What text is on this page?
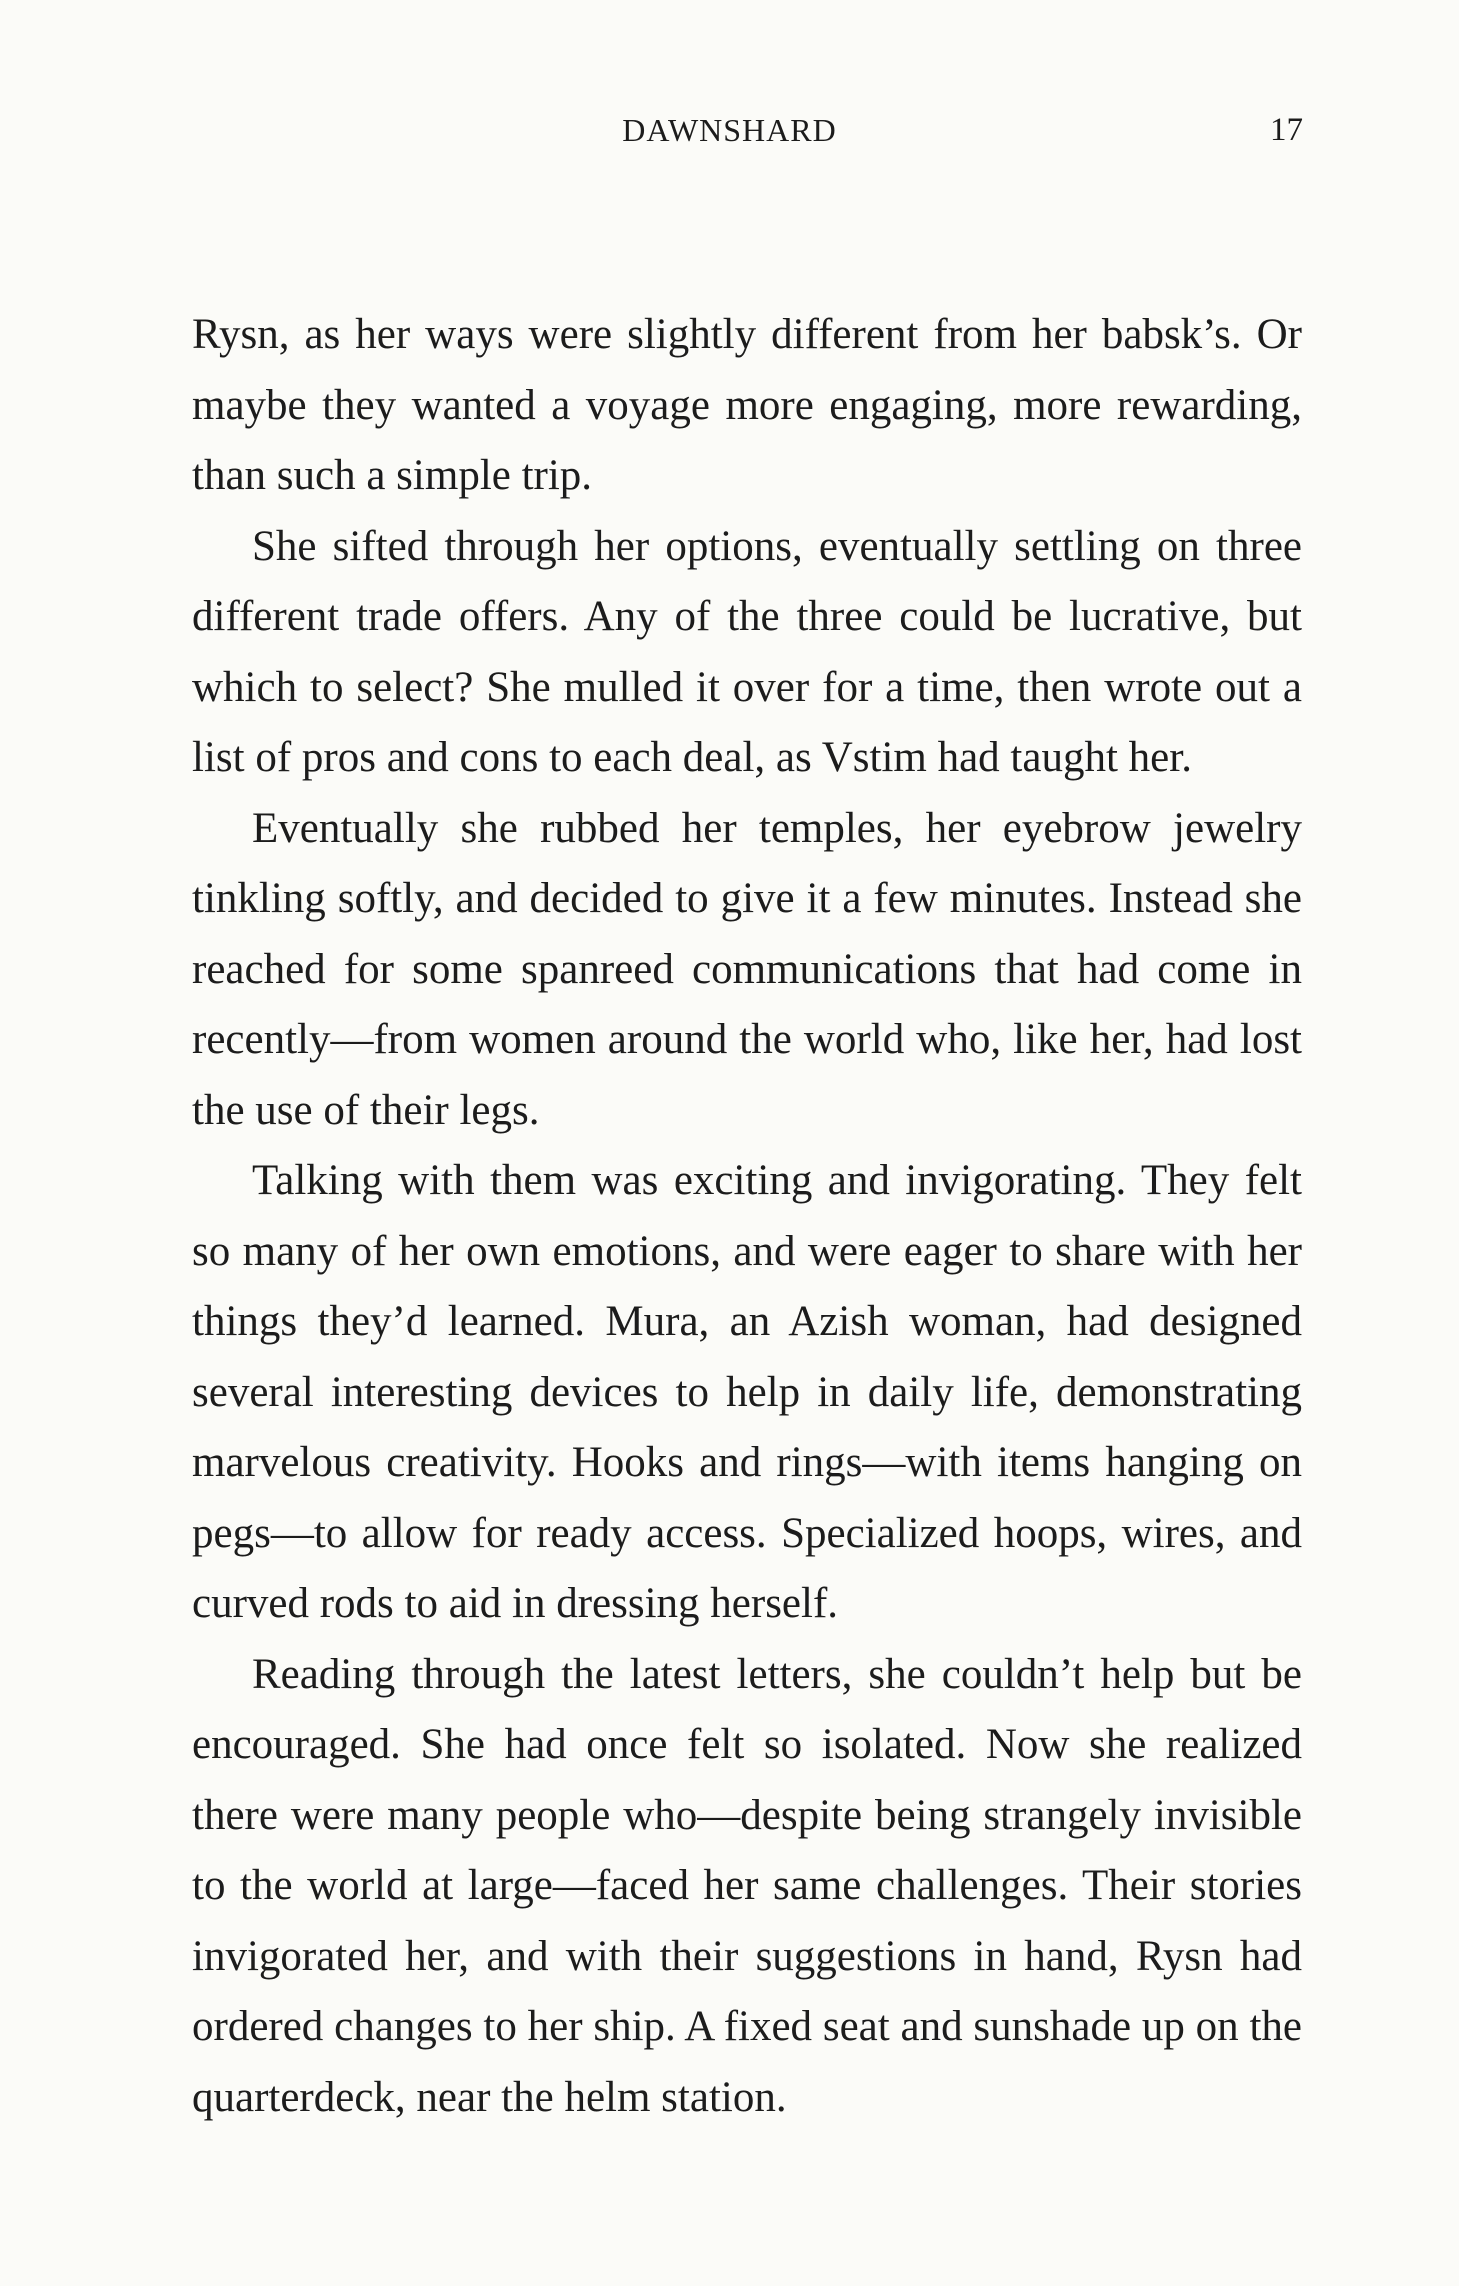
DAWNSHARD	17

Rysn, as her ways were slightly different from her babsk’s. Or maybe they wanted a voyage more engaging, more rewarding, than such a simple trip.

She sifted through her options, eventually settling on three different trade offers. Any of the three could be lucrative, but which to select? She mulled it over for a time, then wrote out a list of pros and cons to each deal, as Vstim had taught her.

Eventually she rubbed her temples, her eyebrow jewelry tinkling softly, and decided to give it a few minutes. Instead she reached for some spanreed communications that had come in recently—from women around the world who, like her, had lost the use of their legs.

Talking with them was exciting and invigorating. They felt so many of her own emotions, and were eager to share with her things they’d learned. Mura, an Azish woman, had designed several interesting devices to help in daily life, demonstrating marvelous creativity. Hooks and rings—with items hanging on pegs—to allow for ready access. Specialized hoops, wires, and curved rods to aid in dressing herself.

Reading through the latest letters, she couldn’t help but be encouraged. She had once felt so isolated. Now she realized there were many people who—despite being strangely invisible to the world at large—faced her same challenges. Their stories invigorated her, and with their suggestions in hand, Rysn had ordered changes to her ship. A fixed seat and sunshade up on the quarterdeck, near the helm station.
